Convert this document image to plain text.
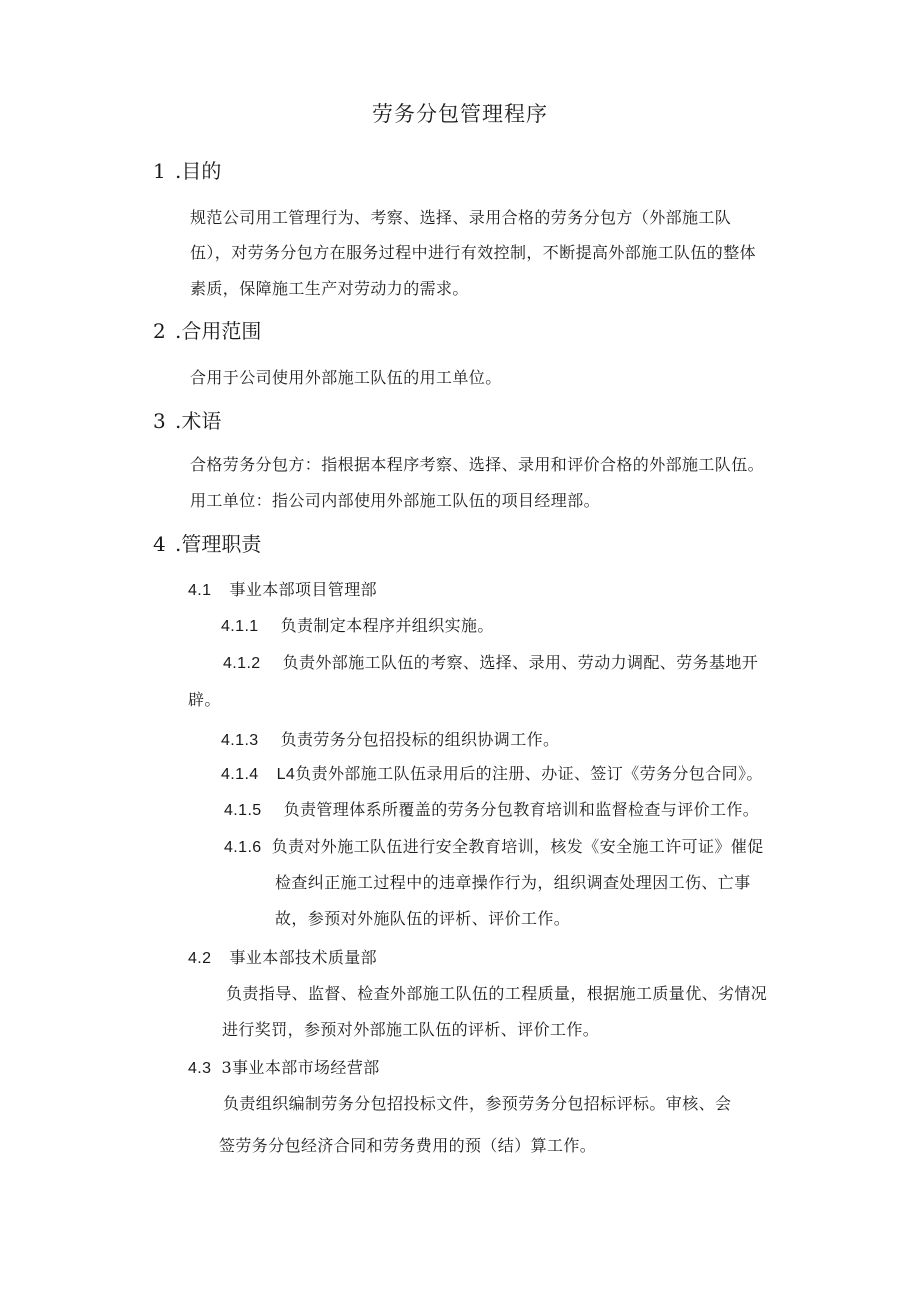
劳务分包管理程序
1 .目的
规范公司用工管理行为、考察、选择、录用合格的劳务分包方（外部施工队
伍），对劳务分包方在服务过程中进行有效控制，不断提高外部施工队伍的整体
素质，保障施工生产对劳动力的需求。
2 .合用范围
合用于公司使用外部施工队伍的用工单位。
3 .术语
合格劳务分包方：指根据本程序考察、选择、录用和评价合格的外部施工队伍。
用工单位：指公司内部使用外部施工队伍的项目经理部。
4 .管理职责
4.1 事业本部项目管理部
4.1.1 负责制定本程序并组织实施。
4.1.2 负责外部施工队伍的考察、选择、录用、劳动力调配、劳务基地开
辟。
4.1.3 负责劳务分包招投标的组织协调工作。
4.1.4 L4负责外部施工队伍录用后的注册、办证、签订《劳务分包合同》。
4.1.5 负责管理体系所覆盖的劳务分包教育培训和监督检查与评价工作。
4.1.6 负责对外施工队伍进行安全教育培训，核发《安全施工许可证》催促
检查纠正施工过程中的违章操作行为，组织调查处理因工伤、亡事
故，参预对外施队伍的评析、评价工作。
4.2 事业本部技术质量部
负责指导、监督、检查外部施工队伍的工程质量，根据施工质量优、劣情况
进行奖罚，参预对外部施工队伍的评析、评价工作。
4.3 3事业本部市场经营部
负责组织编制劳务分包招投标文件，参预劳务分包招标评标。审核、会
签劳务分包经济合同和劳务费用的预（结）算工作。
